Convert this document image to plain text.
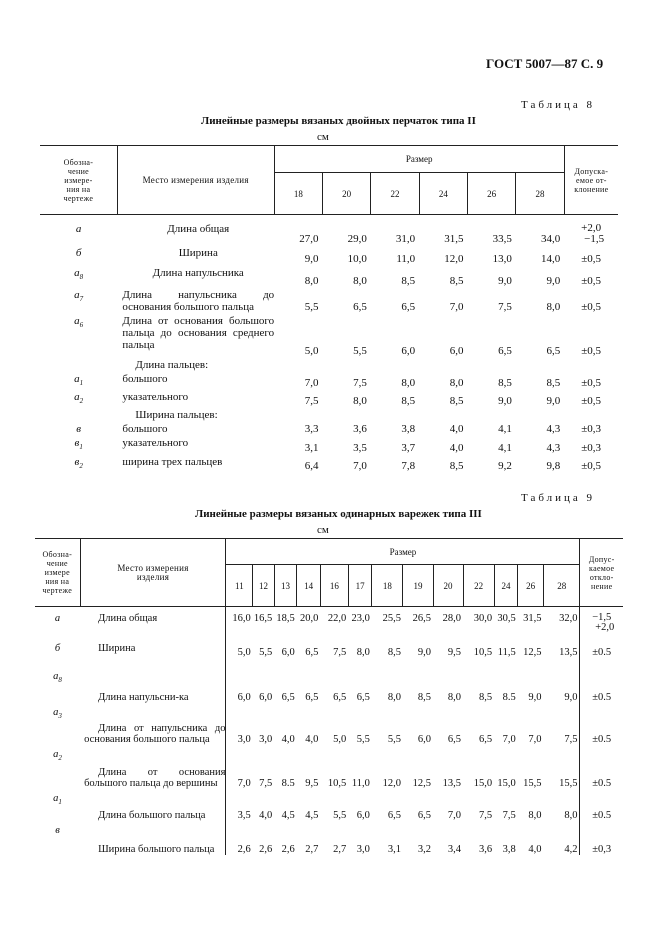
ГОСТ 5007—87 С. 9
Таблица 8
Линейные размеры вязаных двойных перчаток типа II
см
Обозна-
чение
измере-
ния на
чертеже	Место измерения изделия	Размер						Допуска-
емое от-
клонение
		18	20	22	24	26	28	
а	Длина общая	27,0	29,0	31,0	31,5	33,5	34,0	+2,0
−1,5

б	Ширина	9,0	10,0	11,0	12,0	13,0	14,0	±0,5
$а_8$	Длина напульсника	8,0	8,0	8,5	8,5	9,0	9,0	±0,5
$а_7$	Длина напульсника до основания большого пальца	5,5	6,5	6,5	7,0	7,5	8,0	±0,5
$а_6$	Длина от основания большого пальца до основания среднего пальца	5,0	5,5	6,0	6,0	6,5	6,5	±0,5
	Длина пальцев:							
$а_1$	большого	7,0	7,5	8,0	8,0	8,5	8,5	±0,5
$а_2$	указательного	7,5	8,0	8,5	8,5	9,0	9,0	±0,5
	Ширина пальцев:							
в	большого	3,3	3,6	3,8	4,0	4,1	4,3	±0,3
$в_1$	указательного	3,1	3,5	3,7	4,0	4,1	4,3	±0,3
$в_2$	ширина трех пальцев	6,4	7,0	7,8	8,5	9,2	9,8	±0,5
Таблица 9
Линейные размеры вязаных одинарных варежек типа III
см
Обозна-
чение
измере
ния на
чертеже	Место измерения
изделия	Размер													Допус-
каемое
откло-
нение
		11	12	13	14	16	17	18	19	20	22	24	26	28	
а	Длина общая	16,0	16,5	18,5	20,0	22,0	23,0	25,5	26,5	28,0	30,0	30,5	31,5	32,0	−1,5
+2,0

б	Ширина	5,0	5,5	6,0	6,5	7,5	8,0	8,5	9,0	9,5	10,5	11,5	12,5	13,5	±0.5
$а_8$	Длина напульсни-ка	6,0	6,0	6,5	6,5	6,5	6,5	8,0	8,5	8,0	8,5	8.5	9,0	9,0	±0.5
$а_3$	Длина от напульсника до основания большого пальца	3,0	3,0	4,0	4,0	5,0	5,5	5,5	6,0	6,5	6,5	7,0	7,0	7,5	±0.5
$а_2$	Длина от основания большого пальца до вершины	7,0	7,5	8.5	9,5	10,5	11,0	12,0	12,5	13,5	15,0	15,0	15,5	15,5	±0.5
$а_1$	Длина большого пальца	3,5	4,0	4,5	4,5	5,5	6,0	6,5	6,5	7,0	7,5	7,5	8,0	8,0	±0.5
в	Ширина большого пальца	2,6	2,6	2,6	2,7	2,7	3,0	3,1	3,2	3,4	3,6	3,8	4,0	4,2	±0,3
